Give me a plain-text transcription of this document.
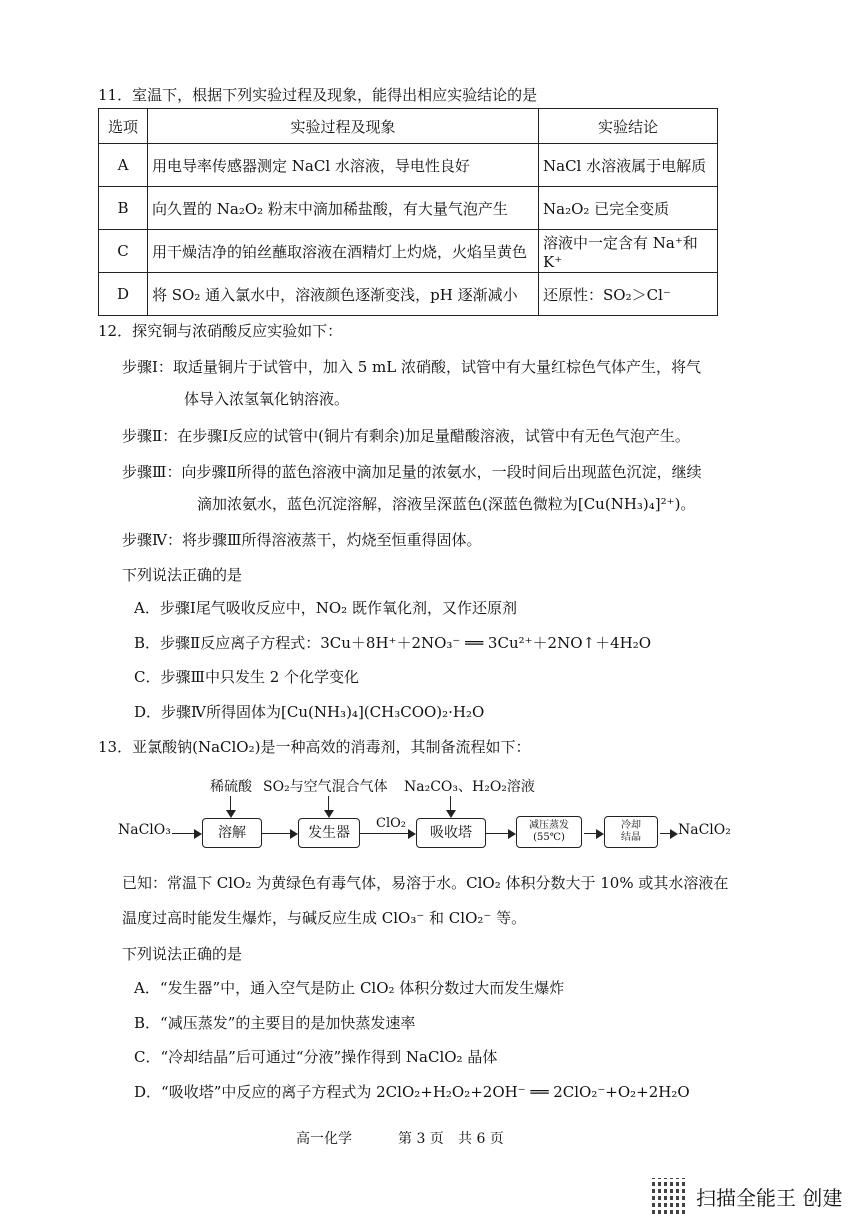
11．室温下，根据下列实验过程及现象，能得出相应实验结论的是
选项	实验过程及现象	实验结论
A	用电导率传感器测定 NaCl 水溶液，导电性良好	NaCl 水溶液属于电解质
B	向久置的 Na₂O₂ 粉末中滴加稀盐酸，有大量气泡产生	Na₂O₂ 已完全变质
C	用干燥洁净的铂丝蘸取溶液在酒精灯上灼烧，火焰呈黄色	溶液中一定含有 Na⁺和 K⁺
D	将 SO₂ 通入氯水中，溶液颜色逐渐变浅，pH 逐渐减小	还原性：SO₂＞Cl⁻
12．探究铜与浓硝酸反应实验如下：
步骤Ⅰ：取适量铜片于试管中，加入 5 mL 浓硝酸，试管中有大量红棕色气体产生，将气
体导入浓氢氧化钠溶液。
步骤Ⅱ：在步骤Ⅰ反应的试管中(铜片有剩余)加足量醋酸溶液，试管中有无色气泡产生。
步骤Ⅲ：向步骤Ⅱ所得的蓝色溶液中滴加足量的浓氨水，一段时间后出现蓝色沉淀，继续
滴加浓氨水，蓝色沉淀溶解，溶液呈深蓝色(深蓝色微粒为[Cu(NH₃)₄]²⁺)。
步骤Ⅳ：将步骤Ⅲ所得溶液蒸干，灼烧至恒重得固体。
下列说法正确的是
A．步骤Ⅰ尾气吸收反应中，NO₂ 既作氧化剂，又作还原剂
B．步骤Ⅱ反应离子方程式：3Cu＋8H⁺＋2NO₃⁻ ══ 3Cu²⁺＋2NO↑＋4H₂O
C．步骤Ⅲ中只发生 2 个化学变化
D．步骤Ⅳ所得固体为[Cu(NH₃)₄](CH₃COO)₂·H₂O
13．亚氯酸钠(NaClO₂)是一种高效的消毒剂，其制备流程如下：
稀硫酸 SO₂与空气混合气体 Na₂CO₃、H₂O₂溶液
NaClO₃	溶解	发生器
ClO₂
吸收塔	减压蒸发
(55℃)
冷却
结晶	NaClO₂
已知：常温下 ClO₂ 为黄绿色有毒气体，易溶于水。ClO₂ 体积分数大于 10% 或其水溶液在
温度过高时能发生爆炸，与碱反应生成 ClO₃⁻ 和 ClO₂⁻ 等。
下列说法正确的是
A．“发生器”中，通入空气是防止 ClO₂ 体积分数过大而发生爆炸
B．“减压蒸发”的主要目的是加快蒸发速率
C．“冷却结晶”后可通过“分液”操作得到 NaClO₂ 晶体
D．“吸收塔”中反应的离子方程式为 2ClO₂+H₂O₂+2OH⁻ ══ 2ClO₂⁻+O₂+2H₂O
高一化学	第 3 页 共 6 页
扫描全能王 创建
